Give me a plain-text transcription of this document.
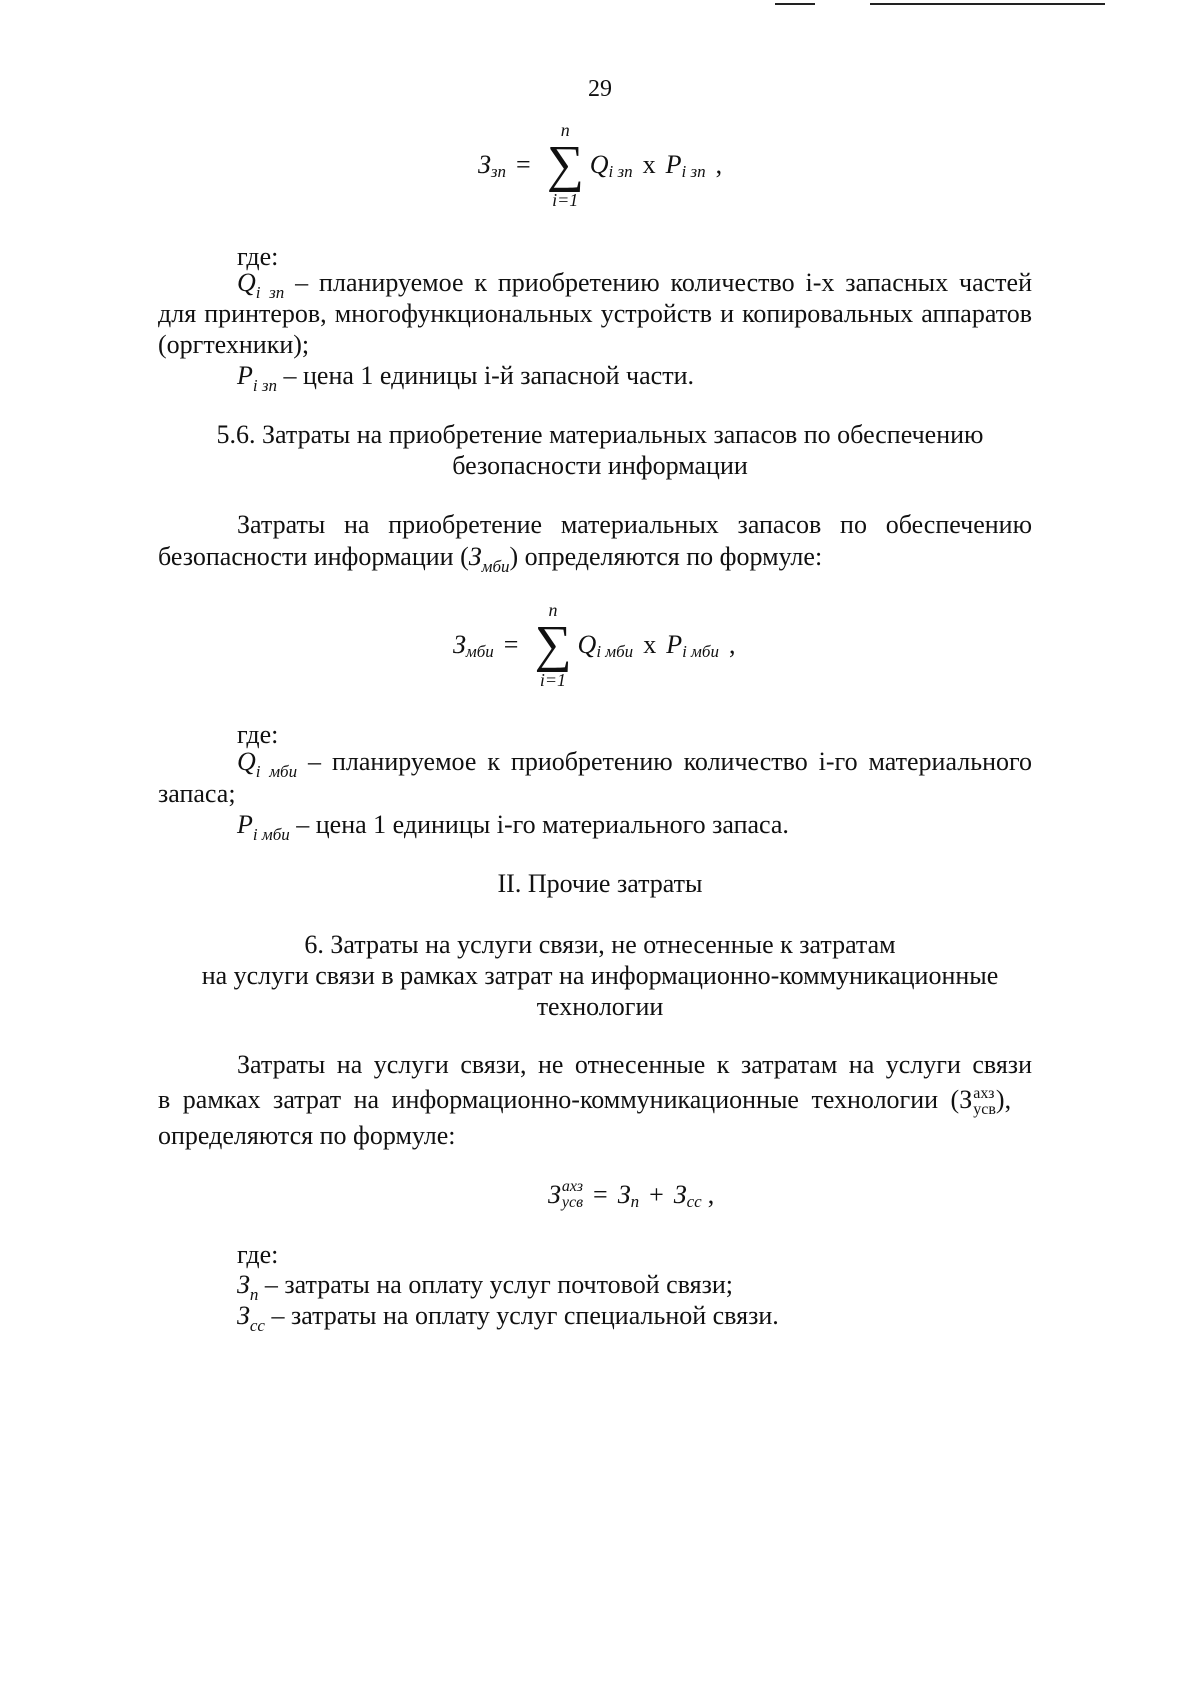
29
З зп =
n
∑
i=1
Q i зп х P i зп ,
где:
$Q_{i зп}$ – планируемое к приобретению количество i-х запасных частей
для принтеров, многофункциональных устройств и копировальных аппаратов
(оргтехники);
$P_{i зп}$ – цена 1 единицы i-й запасной части.
5.6. Затраты на приобретение материальных запасов по обеспечению
безопасности информации
Затраты на приобретение материальных запасов по обеспечению
безопасности информации $(З_{мби})$ определяются по формуле:
З мби =
n
∑
i=1
Q i мби х P i мби ,
где:
$Q_{i мби}$ – планируемое к приобретению количество i-го материального
запаса;
$P_{i мби}$ – цена 1 единицы i-го материального запаса.
II. Прочие затраты
6. Затраты на услуги связи, не отнесенные к затратам
на услуги связи в рамках затрат на информационно-коммуникационные
технологии
Затраты на услуги связи, не отнесенные к затратам на услуги связи
в рамках затрат на информационно-коммуникационные технологии (З ахз
усв ),
определяются по формуле:
З ахз
усв = З п + З сс ,
где:
$З_п$ – затраты на оплату услуг почтовой связи;
$З_{сс}$ – затраты на оплату услуг специальной связи.
